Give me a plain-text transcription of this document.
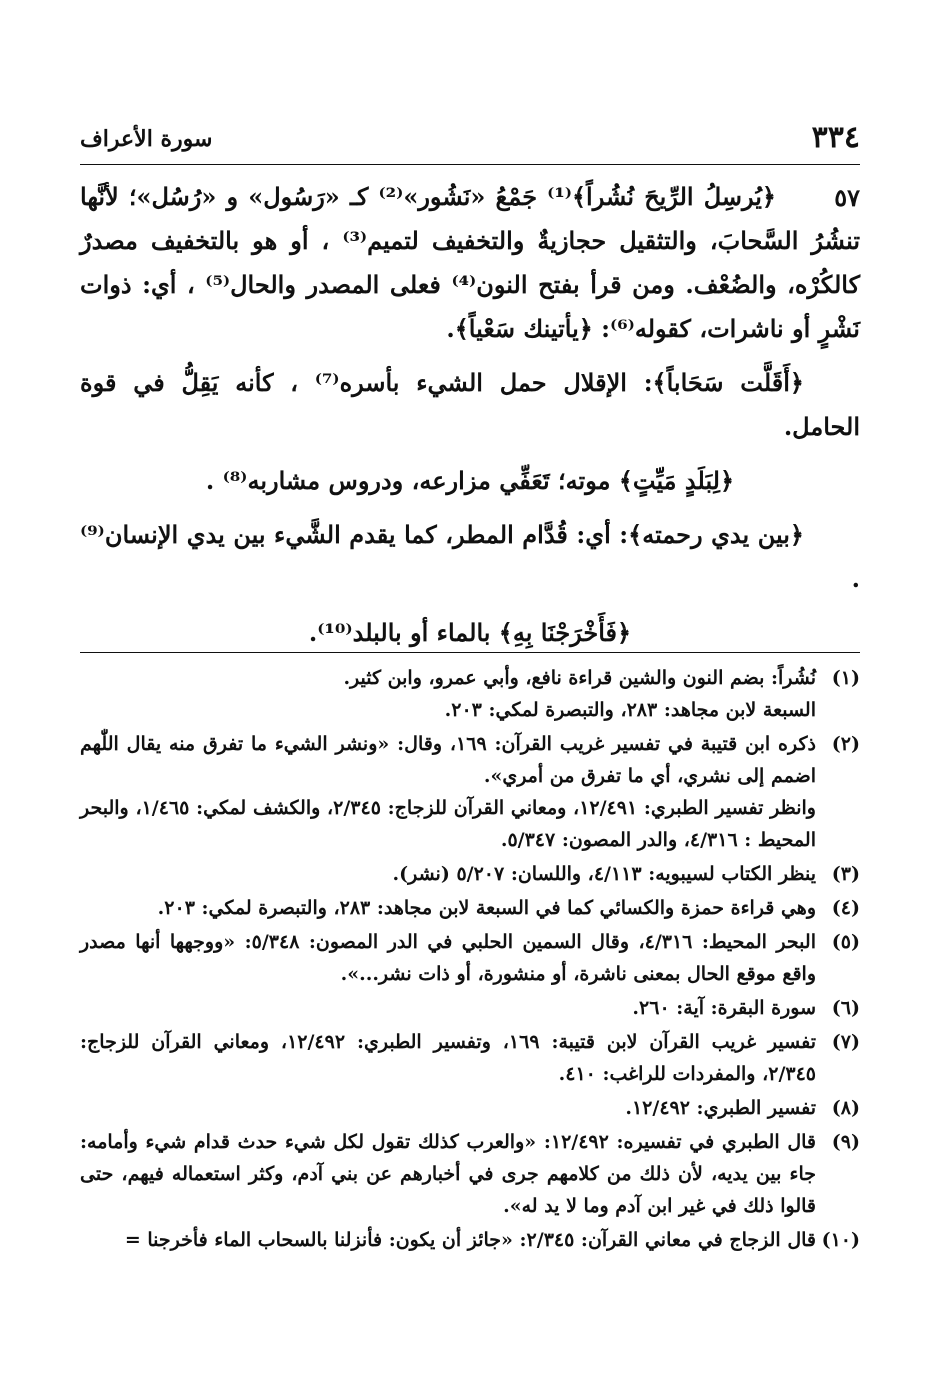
٣٣٤
سورة الأعراف
٥٧

﴿يُرسِلُ الرِّيحَ نُشُراً﴾⁽¹⁾ جَمْعُ «نَشُور»⁽²⁾ كـ «رَسُول» و «رُسُل»؛ لأنَّها تنشُرُ السَّحابَ، والتثقيل حجازيةٌ والتخفيف لتميم⁽³⁾ ، أو هو بالتخفيف مصدرٌ كالكُرْه، والضُعْف. ومن قرأ بفتح النون⁽⁴⁾ فعلى المصدر والحال⁽⁵⁾ ، أي: ذوات نَشْرٍ أو ناشرات، كقوله⁽⁶⁾: ﴿يأتينك سَعْياً﴾.

﴿أَقَلَّت سَحَاباً﴾: الإقلال حمل الشيء بأسره⁽⁷⁾ ، كأنه يَقِلُّ في قوة الحامل.

﴿لِبَلَدٍ مَيِّتٍ﴾ موته؛ تَعَفِّي مزارعه، ودروس مشاربه⁽⁸⁾ .

﴿بين يدي رحمته﴾: أي: قُدَّام المطر، كما يقدم الشَّيء بين يدي الإنسان⁽⁹⁾ .

﴿فَأَخْرَجْنَا بِهِ﴾ بالماء أو بالبلد⁽¹⁰⁾.

(١)

نُشُراً: بضم النون والشين قراءة نافع، وأبي عمرو، وابن كثير.

السبعة لابن مجاهد: ٢٨٣، والتبصرة لمكي: ٢٠٣.

(٢)

ذكره ابن قتيبة في تفسير غريب القرآن: ١٦٩، وقال: «ونشر الشيء ما تفرق منه يقال اللّٰهم اضمم إلى نشري، أي ما تفرق من أمري».

وانظر تفسير الطبري: ١٢/٤٩١، ومعاني القرآن للزجاج: ٢/٣٤٥، والكشف لمكي: ١/٤٦٥، والبحر المحيط : ٤/٣١٦، والدر المصون: ٥/٣٤٧.

(٣)

ينظر الكتاب لسيبويه: ٤/١١٣، واللسان: ٥/٢٠٧ (نشر).

(٤)

وهي قراءة حمزة والكسائي كما في السبعة لابن مجاهد: ٢٨٣، والتبصرة لمكي: ٢٠٣.

(٥)

البحر المحيط: ٤/٣١٦، وقال السمين الحلبي في الدر المصون: ٥/٣٤٨: «ووجهها أنها مصدر واقع موقع الحال بمعنى ناشرة، أو منشورة، أو ذات نشر...».

(٦)

سورة البقرة: آية: ٢٦٠.

(٧)

تفسير غريب القرآن لابن قتيبة: ١٦٩، وتفسير الطبري: ١٢/٤٩٢، ومعاني القرآن للزجاج: ٢/٣٤٥، والمفردات للراغب: ٤١٠.

(٨)

تفسير الطبري: ١٢/٤٩٢.

(٩)

قال الطبري في تفسيره: ١٢/٤٩٢: «والعرب كذلك تقول لكل شيء حدث قدام شيء وأمامه: جاء بين يديه، لأن ذلك من كلامهم جرى في أخبارهم عن بني آدم، وكثر استعماله فيهم، حتى قالوا ذلك في غير ابن آدم وما لا يد له».

(١٠)

قال الزجاج في معاني القرآن: ٢/٣٤٥: «جائز أن يكون: فأنزلنا بالسحاب الماء فأخرجنا =
